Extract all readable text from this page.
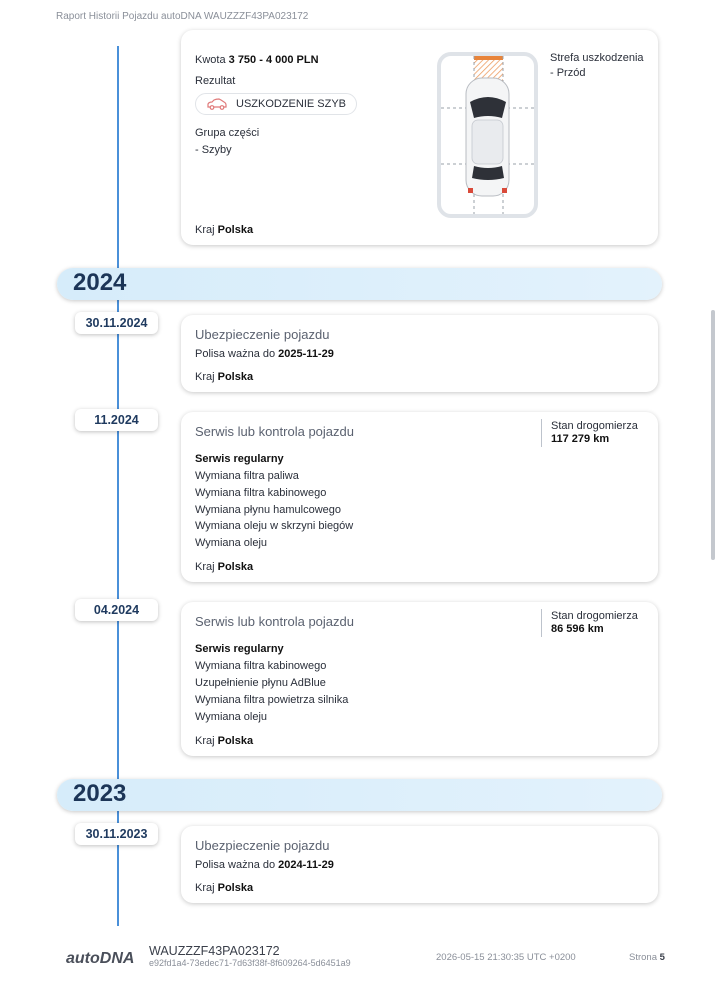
Raport Historii Pojazdu autoDNA WAUZZZF43PA023172
Kwota 3 750 - 4 000 PLN
Rezultat
USZKODZENIE SZYB
Grupa części
- Szyby
Strefa uszkodzenia
- Przód
Kraj Polska
2024
30.11.2024
Ubezpieczenie pojazdu
Polisa ważna do 2025-11-29
Kraj Polska
11.2024
Serwis lub kontrola pojazdu	Stan drogomierza
117 279 km
Serwis regularny
Wymiana filtra paliwa
Wymiana filtra kabinowego
Wymiana płynu hamulcowego
Wymiana oleju w skrzyni biegów
Wymiana oleju
Kraj Polska
04.2024
Serwis lub kontrola pojazdu	Stan drogomierza
86 596 km
Serwis regularny
Wymiana filtra kabinowego
Uzupełnienie płynu AdBlue
Wymiana filtra powietrza silnika
Wymiana oleju
Kraj Polska
2023
30.11.2023
Ubezpieczenie pojazdu
Polisa ważna do 2024-11-29
Kraj Polska
autoDNA WAUZZZF43PA023172
e92fd1a4-73edec71-7d63f38f-8f609264-5d6451a9	2026-05-15 21:30:35 UTC +0200	Strona 5
